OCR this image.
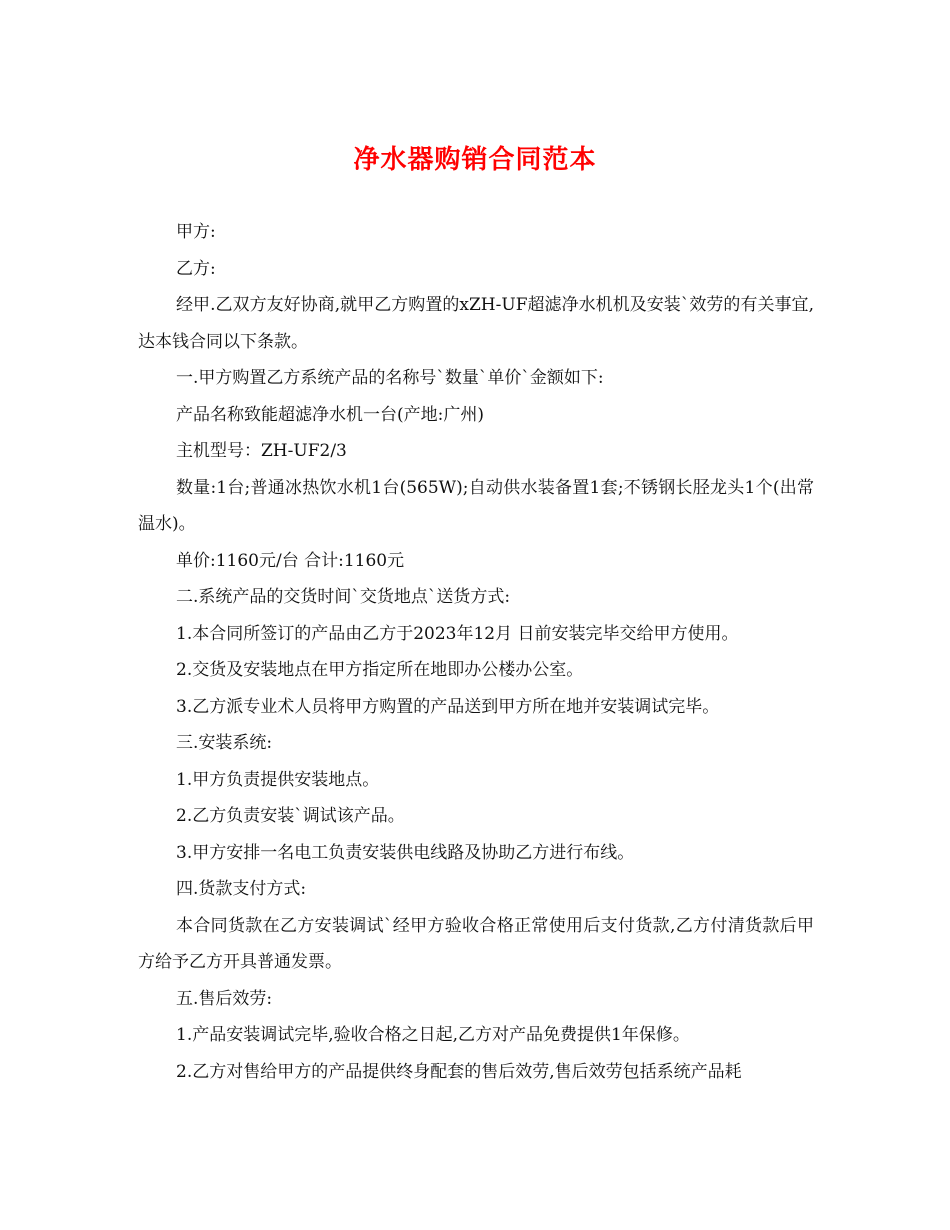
净水器购销合同范本

甲方:

乙方:

经甲.乙双方友好协商,就甲乙方购置的xZH-UF超滤净水机机及安装`效劳的有关事宜,达本钱合同以下条款。

一.甲方购置乙方系统产品的名称号`数量`单价`金额如下:

产品名称致能超滤净水机一台(产地:广州)

主机型号：ZH-UF2/3

数量:1台;普通冰热饮水机1台(565W);自动供水装备置1套;不锈钢长胫龙头1个(出常温水)。

单价:1160元/台 合计:1160元

二.系统产品的交货时间`交货地点`送货方式:

1.本合同所签订的产品由乙方于2023年12月 日前安装完毕交给甲方使用。

2.交货及安装地点在甲方指定所在地即办公楼办公室。

3.乙方派专业术人员将甲方购置的产品送到甲方所在地并安装调试完毕。

三.安装系统:

1.甲方负责提供安装地点。

2.乙方负责安装`调试该产品。

3.甲方安排一名电工负责安装供电线路及协助乙方进行布线。

四.货款支付方式:

本合同货款在乙方安装调试`经甲方验收合格正常使用后支付货款,乙方付清货款后甲方给予乙方开具普通发票。

五.售后效劳:

1.产品安装调试完毕,验收合格之日起,乙方对产品免费提供1年保修。

2.乙方对售给甲方的产品提供终身配套的售后效劳,售后效劳包括系统产品耗
